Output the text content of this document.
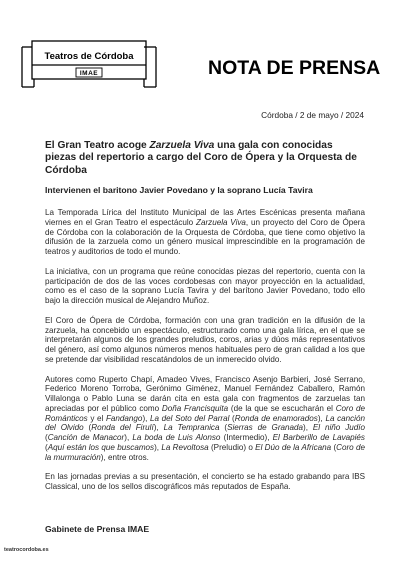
Teatros de Córdoba
IMAE	NOTA DE PRENSA
Córdoba / 2 de mayo / 2024
El Gran Teatro acoge Zarzuela Viva una gala con conocidas piezas del repertorio a cargo del Coro de Ópera y la Orquesta de Córdoba
Intervienen el baritono Javier Povedano y la soprano Lucía Tavira

La Temporada Lírica del Instituto Municipal de las Artes Escénicas presenta mañana viernes en el Gran Teatro el espectáculo Zarzuela Viva, un proyecto del Coro de Ópera de Córdoba con la colaboración de la Orquesta de Córdoba, que tiene como objetivo la difusión de la zarzuela como un género musical imprescindible en la programación de teatros y auditorios de todo el mundo.

La iniciativa, con un programa que reúne conocidas piezas del repertorio, cuenta con la participación de dos de las voces cordobesas con mayor proyección en la actualidad, como es el caso de la soprano Lucía Tavira y del barítono Javier Povedano, todo ello bajo la dirección musical de Alejandro Muñoz.

El Coro de Ópera de Córdoba, formación con una gran tradición en la difusión de la zarzuela, ha concebido un espectáculo, estructurado como una gala lírica, en el que se interpretarán algunos de los grandes preludios, coros, arias y dúos más representativos del género, así como algunos números menos habituales pero de gran calidad a los que se pretende dar visibilidad rescatándolos de un inmerecido olvido.

Autores como Ruperto Chapí, Amadeo Vives, Francisco Asenjo Barbieri, José Serrano, Federico Moreno Torroba, Gerónimo Giménez, Manuel Fernández Caballero, Ramón Villalonga o Pablo Luna se darán cita en esta gala con fragmentos de zarzuelas tan apreciadas por el público como Doña Francisquita (de la que se escucharán el Coro de Románticos y el Fandango), La del Soto del Parral (Ronda de enamorados), La canción del Olvido (Ronda del Firulí), La Tempranica (Sierras de Granada), El niño Judío (Canción de Manacor), La boda de Luis Alonso (Intermedio), El Barberillo de Lavapiés (Aquí están los que buscamos), La Revoltosa (Preludio) o El Dúo de la Africana (Coro de la murmuración), entre otros.

En las jornadas previas a su presentación, el concierto se ha estado grabando para IBS Classical, uno de los sellos discográficos más reputados de España.

Gabinete de Prensa IMAE
teatrocordoba.es
